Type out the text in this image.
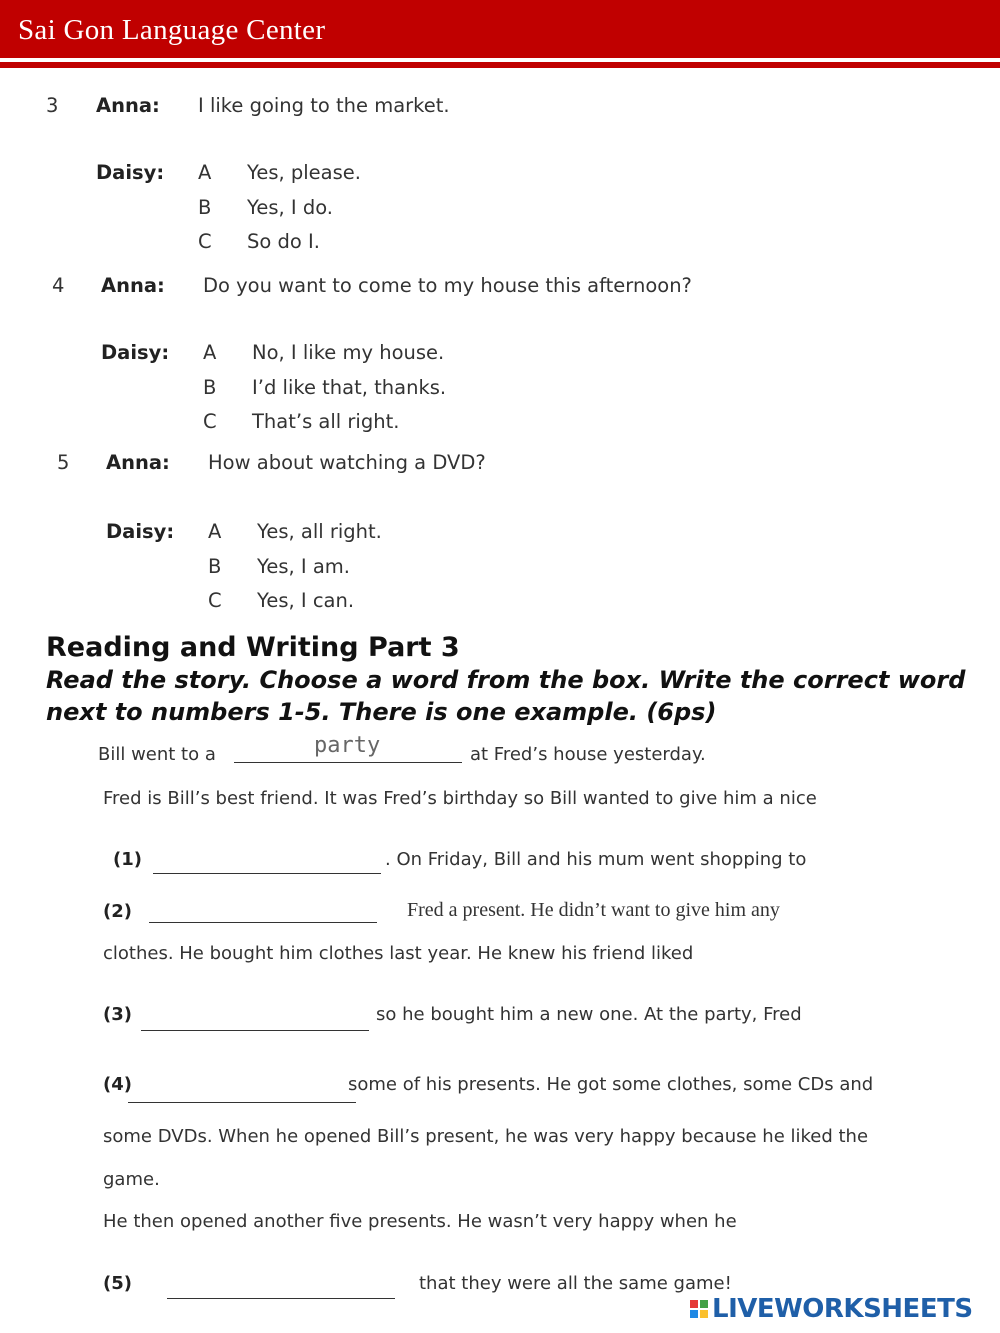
Sai Gon Language Center
3 Anna: I like going to the market.
Daisy: A Yes, please.
B Yes, I do.
C So do I.
4 Anna: Do you want to come to my house this afternoon?
Daisy: A No, I like my house.
B I’d like that, thanks.
C That’s all right.
5 Anna: How about watching a DVD?
Daisy: A Yes, all right.
B Yes, I am.
C Yes, I can.
Reading and Writing Part 3
Read the story. Choose a word from the box. Write the correct word next to numbers 1-5. There is one example. (6ps)
Bill went to a	party	at Fred’s house yesterday.
Fred is Bill’s best friend. It was Fred’s birthday so Bill wanted to give him a nice
(1)	. On Friday, Bill and his mum went shopping to
(2)	Fred a present. He didn’t want to give him any
clothes. He bought him clothes last year. He knew his friend liked
(3)	so he bought him a new one. At the party, Fred
(4)	some of his presents. He got some clothes, some CDs and
some DVDs. When he opened Bill’s present, he was very happy because he liked the
game.
He then opened another five presents. He wasn’t very happy when he
(5)	that they were all the same game!
LIVEWORKSHEETS
